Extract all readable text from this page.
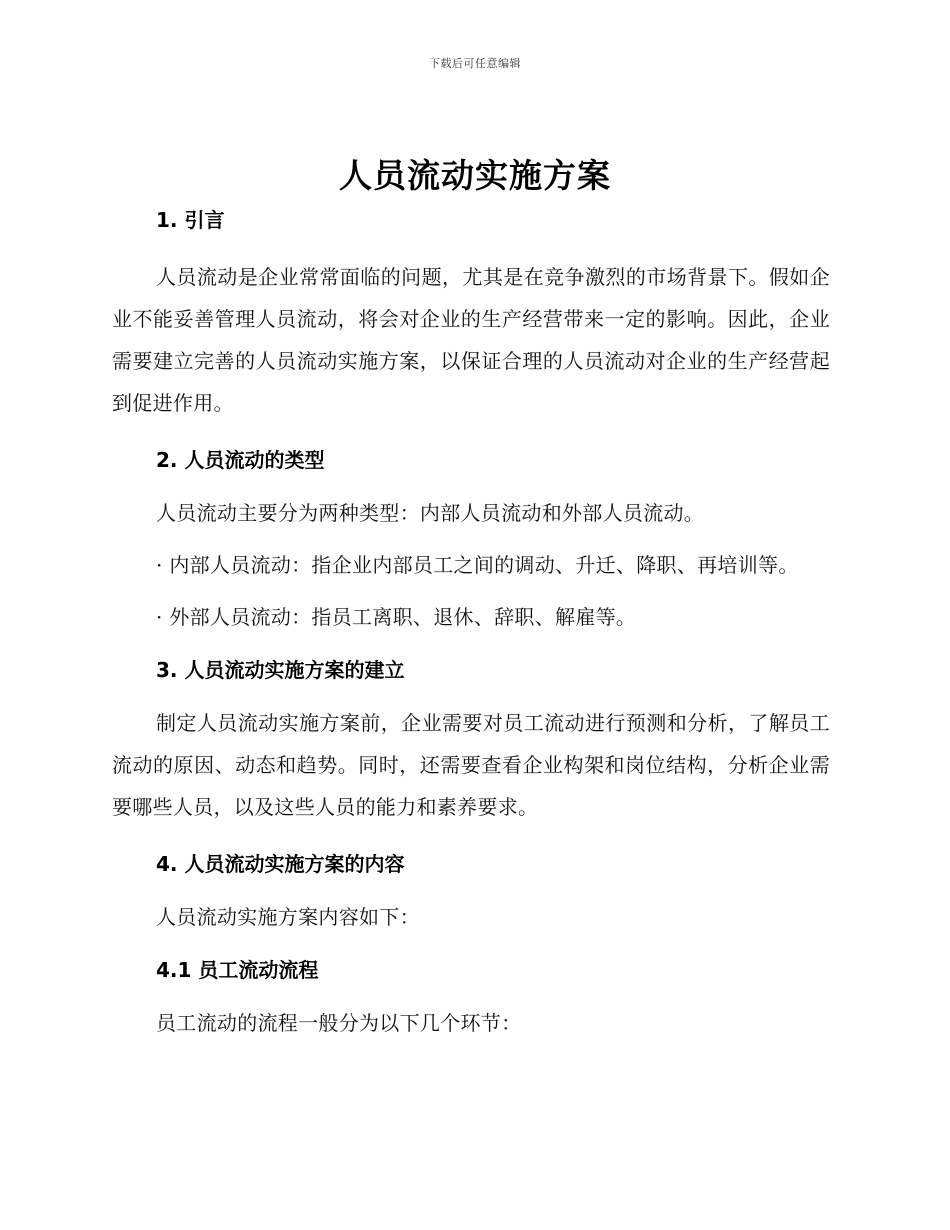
下载后可任意编辑
人员流动实施方案

1. 引言

人员流动是企业常常面临的问题，尤其是在竞争激烈的市场背景下。假如企业不能妥善管理人员流动，将会对企业的生产经营带来一定的影响。因此，企业需要建立完善的人员流动实施方案，以保证合理的人员流动对企业的生产经营起到促进作用。

2. 人员流动的类型

人员流动主要分为两种类型：内部人员流动和外部人员流动。

· 内部人员流动：指企业内部员工之间的调动、升迁、降职、再培训等。

· 外部人员流动：指员工离职、退休、辞职、解雇等。

3. 人员流动实施方案的建立

制定人员流动实施方案前，企业需要对员工流动进行预测和分析，了解员工流动的原因、动态和趋势。同时，还需要查看企业构架和岗位结构，分析企业需要哪些人员，以及这些人员的能力和素养要求。

4. 人员流动实施方案的内容

人员流动实施方案内容如下：

4.1 员工流动流程

员工流动的流程一般分为以下几个环节：
